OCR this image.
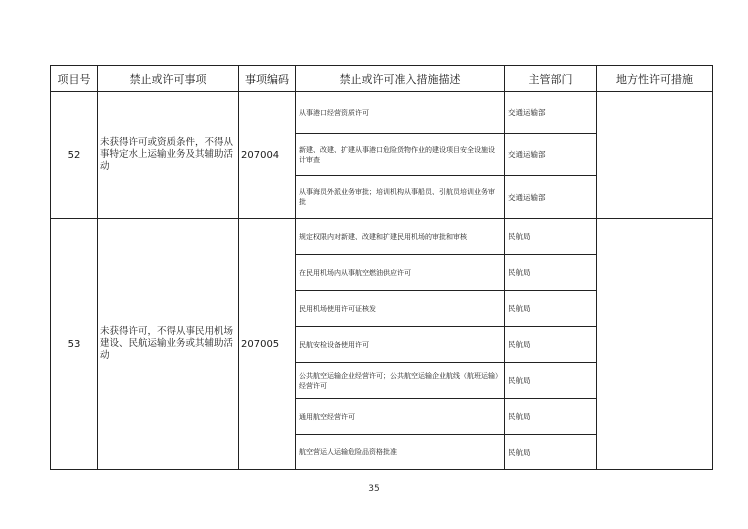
项目号	禁止或许可事项	事项编码	禁止或许可准入措施描述	主管部门	地方性许可措施
52	未获得许可或资质条件，不得从事特定水上运输业务及其辅助活动	207004	从事港口经营资质许可	交通运输部	
			新建、改建、扩建从事港口危险货物作业的建设项目安全设施设计审查	交通运输部	
			从事海员外派业务审批；培训机构从事船员、引航员培训业务审批	交通运输部	
53	未获得许可，不得从事民用机场建设、民航运输业务或其辅助活动	207005	规定权限内对新建、改建和扩建民用机场的审批和审核	民航局	
			在民用机场内从事航空燃油供应许可	民航局	
			民用机场使用许可证核发	民航局	
			民航安检设备使用许可	民航局	
			公共航空运输企业经营许可；公共航空运输企业航线（航班运输）经营许可	民航局	
			通用航空经营许可	民航局	
			航空营运人运输危险品资格批准	民航局	
35
